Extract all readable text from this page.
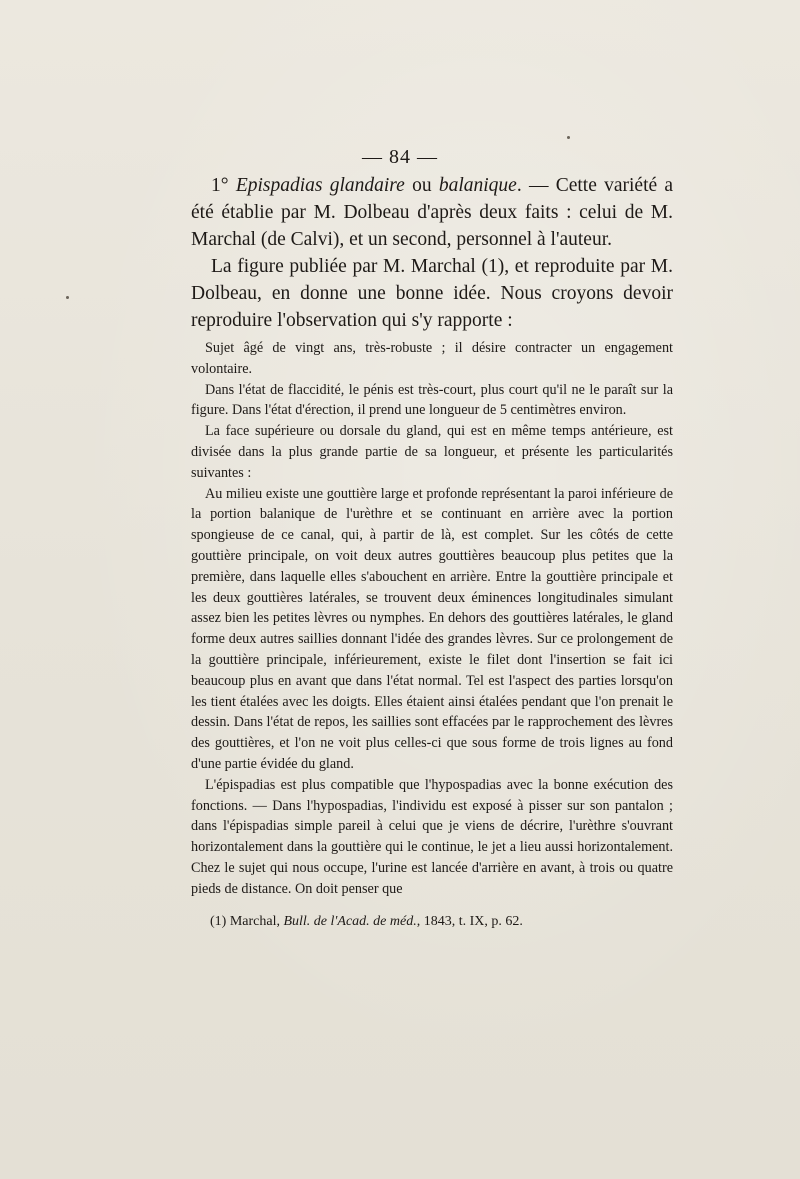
— 84 —

1° Epispadias glandaire ou balanique. — Cette variété a été établie par M. Dolbeau d'après deux faits : celui de M. Marchal (de Calvi), et un second, personnel à l'auteur.

La figure publiée par M. Marchal (1), et reproduite par M. Dolbeau, en donne une bonne idée. Nous croyons devoir reproduire l'observation qui s'y rapporte :

Sujet âgé de vingt ans, très-robuste ; il désire contracter un engagement volontaire.

Dans l'état de flaccidité, le pénis est très-court, plus court qu'il ne le paraît sur la figure. Dans l'état d'érection, il prend une longueur de 5 centimètres environ.

La face supérieure ou dorsale du gland, qui est en même temps antérieure, est divisée dans la plus grande partie de sa longueur, et présente les particularités suivantes :

Au milieu existe une gouttière large et profonde représentant la paroi inférieure de la portion balanique de l'urèthre et se continuant en arrière avec la portion spongieuse de ce canal, qui, à partir de là, est complet. Sur les côtés de cette gouttière principale, on voit deux autres gouttières beaucoup plus petites que la première, dans laquelle elles s'abouchent en arrière. Entre la gouttière principale et les deux gouttières latérales, se trouvent deux éminences longitudinales simulant assez bien les petites lèvres ou nymphes. En dehors des gouttières latérales, le gland forme deux autres saillies donnant l'idée des grandes lèvres. Sur ce prolongement de la gouttière principale, inférieurement, existe le filet dont l'insertion se fait ici beaucoup plus en avant que dans l'état normal. Tel est l'aspect des parties lorsqu'on les tient étalées avec les doigts. Elles étaient ainsi étalées pendant que l'on prenait le dessin. Dans l'état de repos, les saillies sont effacées par le rapprochement des lèvres des gouttières, et l'on ne voit plus celles-ci que sous forme de trois lignes au fond d'une partie évidée du gland.

L'épispadias est plus compatible que l'hypospadias avec la bonne exécution des fonctions. — Dans l'hypospadias, l'individu est exposé à pisser sur son pantalon ; dans l'épispadias simple pareil à celui que je viens de décrire, l'urèthre s'ouvrant horizontalement dans la gouttière qui le continue, le jet a lieu aussi horizontalement. Chez le sujet qui nous occupe, l'urine est lancée d'arrière en avant, à trois ou quatre pieds de distance. On doit penser que

(1) Marchal, Bull. de l'Acad. de méd., 1843, t. IX, p. 62.
